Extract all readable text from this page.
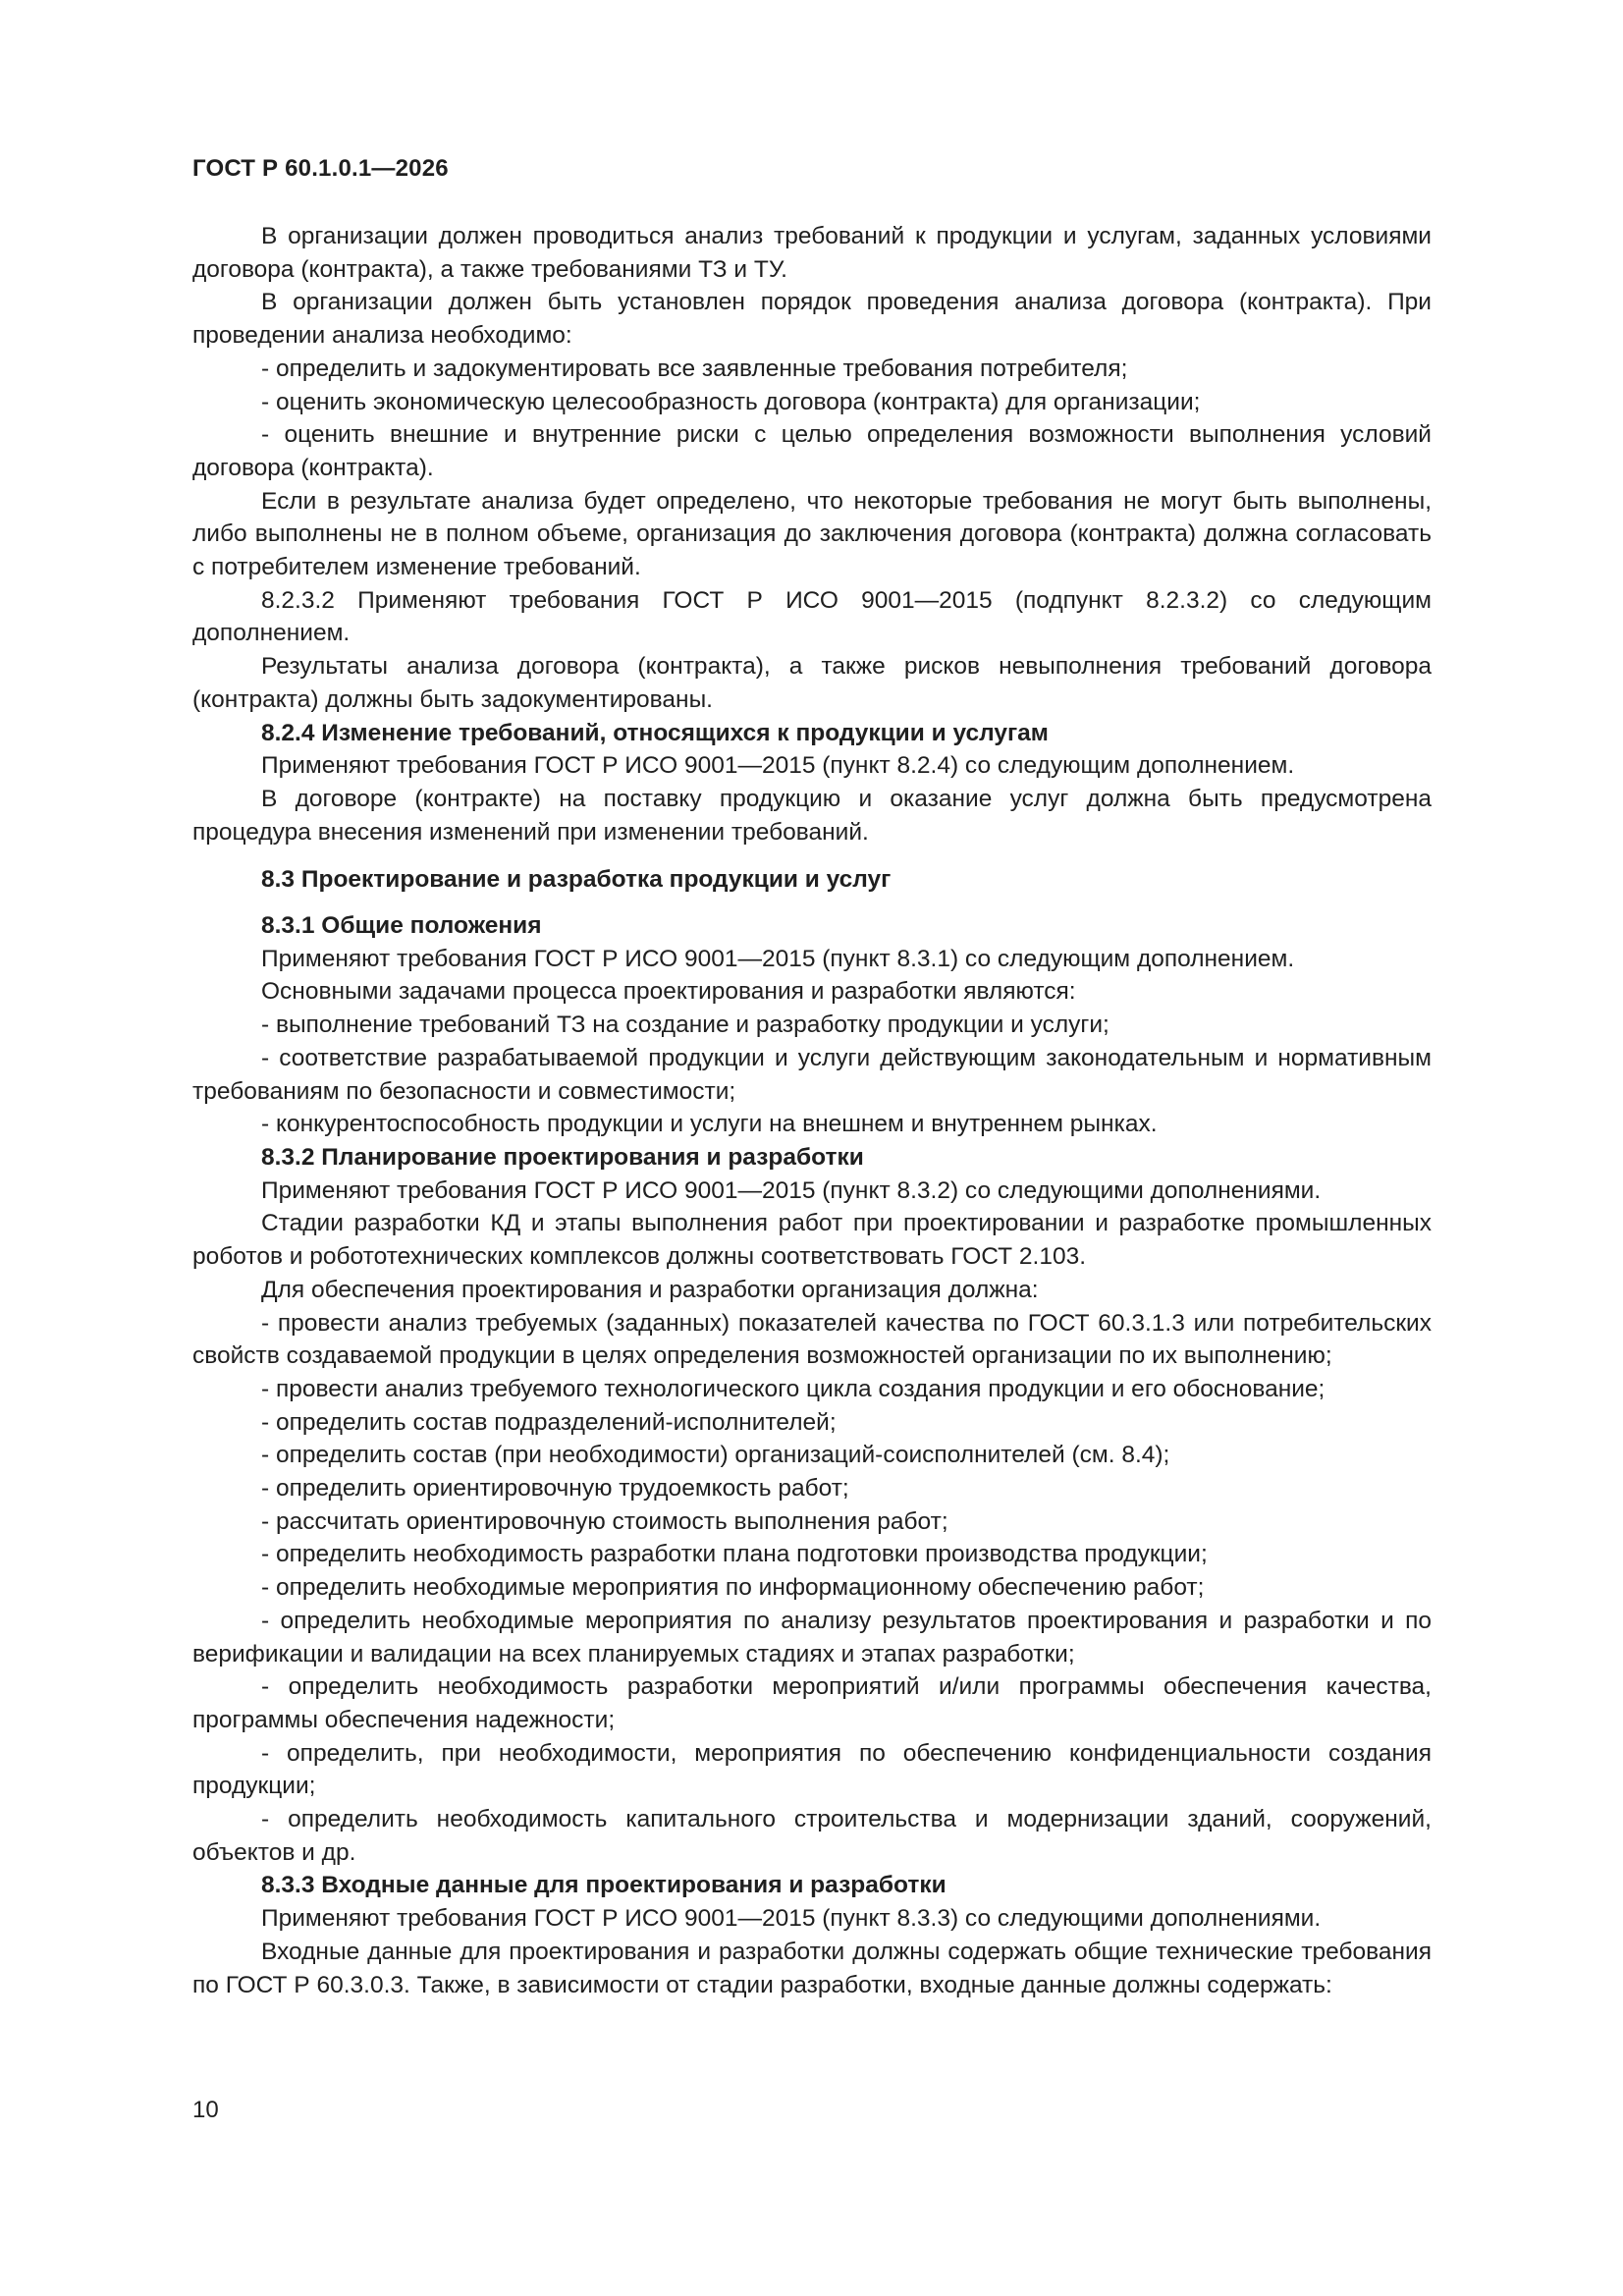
ГОСТ Р 60.1.0.1—2026

В организации должен проводиться анализ требований к продукции и услугам, заданных условиями договора (контракта), а также требованиями ТЗ и ТУ.

В организации должен быть установлен порядок проведения анализа договора (контракта). При проведении анализа необходимо:

- определить и задокументировать все заявленные требования потребителя;

- оценить экономическую целесообразность договора (контракта) для организации;

- оценить внешние и внутренние риски с целью определения возможности выполнения условий договора (контракта).

Если в результате анализа будет определено, что некоторые требования не могут быть выполнены, либо выполнены не в полном объеме, организация до заключения договора (контракта) должна согласовать с потребителем изменение требований.

8.2.3.2 Применяют требования ГОСТ Р ИСО 9001—2015 (подпункт 8.2.3.2) со следующим дополнением.

Результаты анализа договора (контракта), а также рисков невыполнения требований договора (контракта) должны быть задокументированы.

8.2.4 Изменение требований, относящихся к продукции и услугам

Применяют требования ГОСТ Р ИСО 9001—2015 (пункт 8.2.4) со следующим дополнением.

В договоре (контракте) на поставку продукцию и оказание услуг должна быть предусмотрена процедура внесения изменений при изменении требований.

8.3 Проектирование и разработка продукции и услуг

8.3.1 Общие положения

Применяют требования ГОСТ Р ИСО 9001—2015 (пункт 8.3.1) со следующим дополнением.

Основными задачами процесса проектирования и разработки являются:

- выполнение требований ТЗ на создание и разработку продукции и услуги;

- соответствие разрабатываемой продукции и услуги действующим законодательным и нормативным требованиям по безопасности и совместимости;

- конкурентоспособность продукции и услуги на внешнем и внутреннем рынках.

8.3.2 Планирование проектирования и разработки

Применяют требования ГОСТ Р ИСО 9001—2015 (пункт 8.3.2) со следующими дополнениями.

Стадии разработки КД и этапы выполнения работ при проектировании и разработке промышленных роботов и робототехнических комплексов должны соответствовать ГОСТ 2.103.

Для обеспечения проектирования и разработки организация должна:

- провести анализ требуемых (заданных) показателей качества по ГОСТ 60.3.1.3 или потребительских свойств создаваемой продукции в целях определения возможностей организации по их выполнению;

- провести анализ требуемого технологического цикла создания продукции и его обоснование;

- определить состав подразделений-исполнителей;

- определить состав (при необходимости) организаций-соисполнителей (см. 8.4);

- определить ориентировочную трудоемкость работ;

- рассчитать ориентировочную стоимость выполнения работ;

- определить необходимость разработки плана подготовки производства продукции;

- определить необходимые мероприятия по информационному обеспечению работ;

- определить необходимые мероприятия по анализу результатов проектирования и разработки и по верификации и валидации на всех планируемых стадиях и этапах разработки;

- определить необходимость разработки мероприятий и/или программы обеспечения качества, программы обеспечения надежности;

- определить, при необходимости, мероприятия по обеспечению конфиденциальности создания продукции;

- определить необходимость капитального строительства и модернизации зданий, сооружений, объектов и др.

8.3.3 Входные данные для проектирования и разработки

Применяют требования ГОСТ Р ИСО 9001—2015 (пункт 8.3.3) со следующими дополнениями.

Входные данные для проектирования и разработки должны содержать общие технические требования по ГОСТ Р 60.3.0.3. Также, в зависимости от стадии разработки, входные данные должны содержать:

10
